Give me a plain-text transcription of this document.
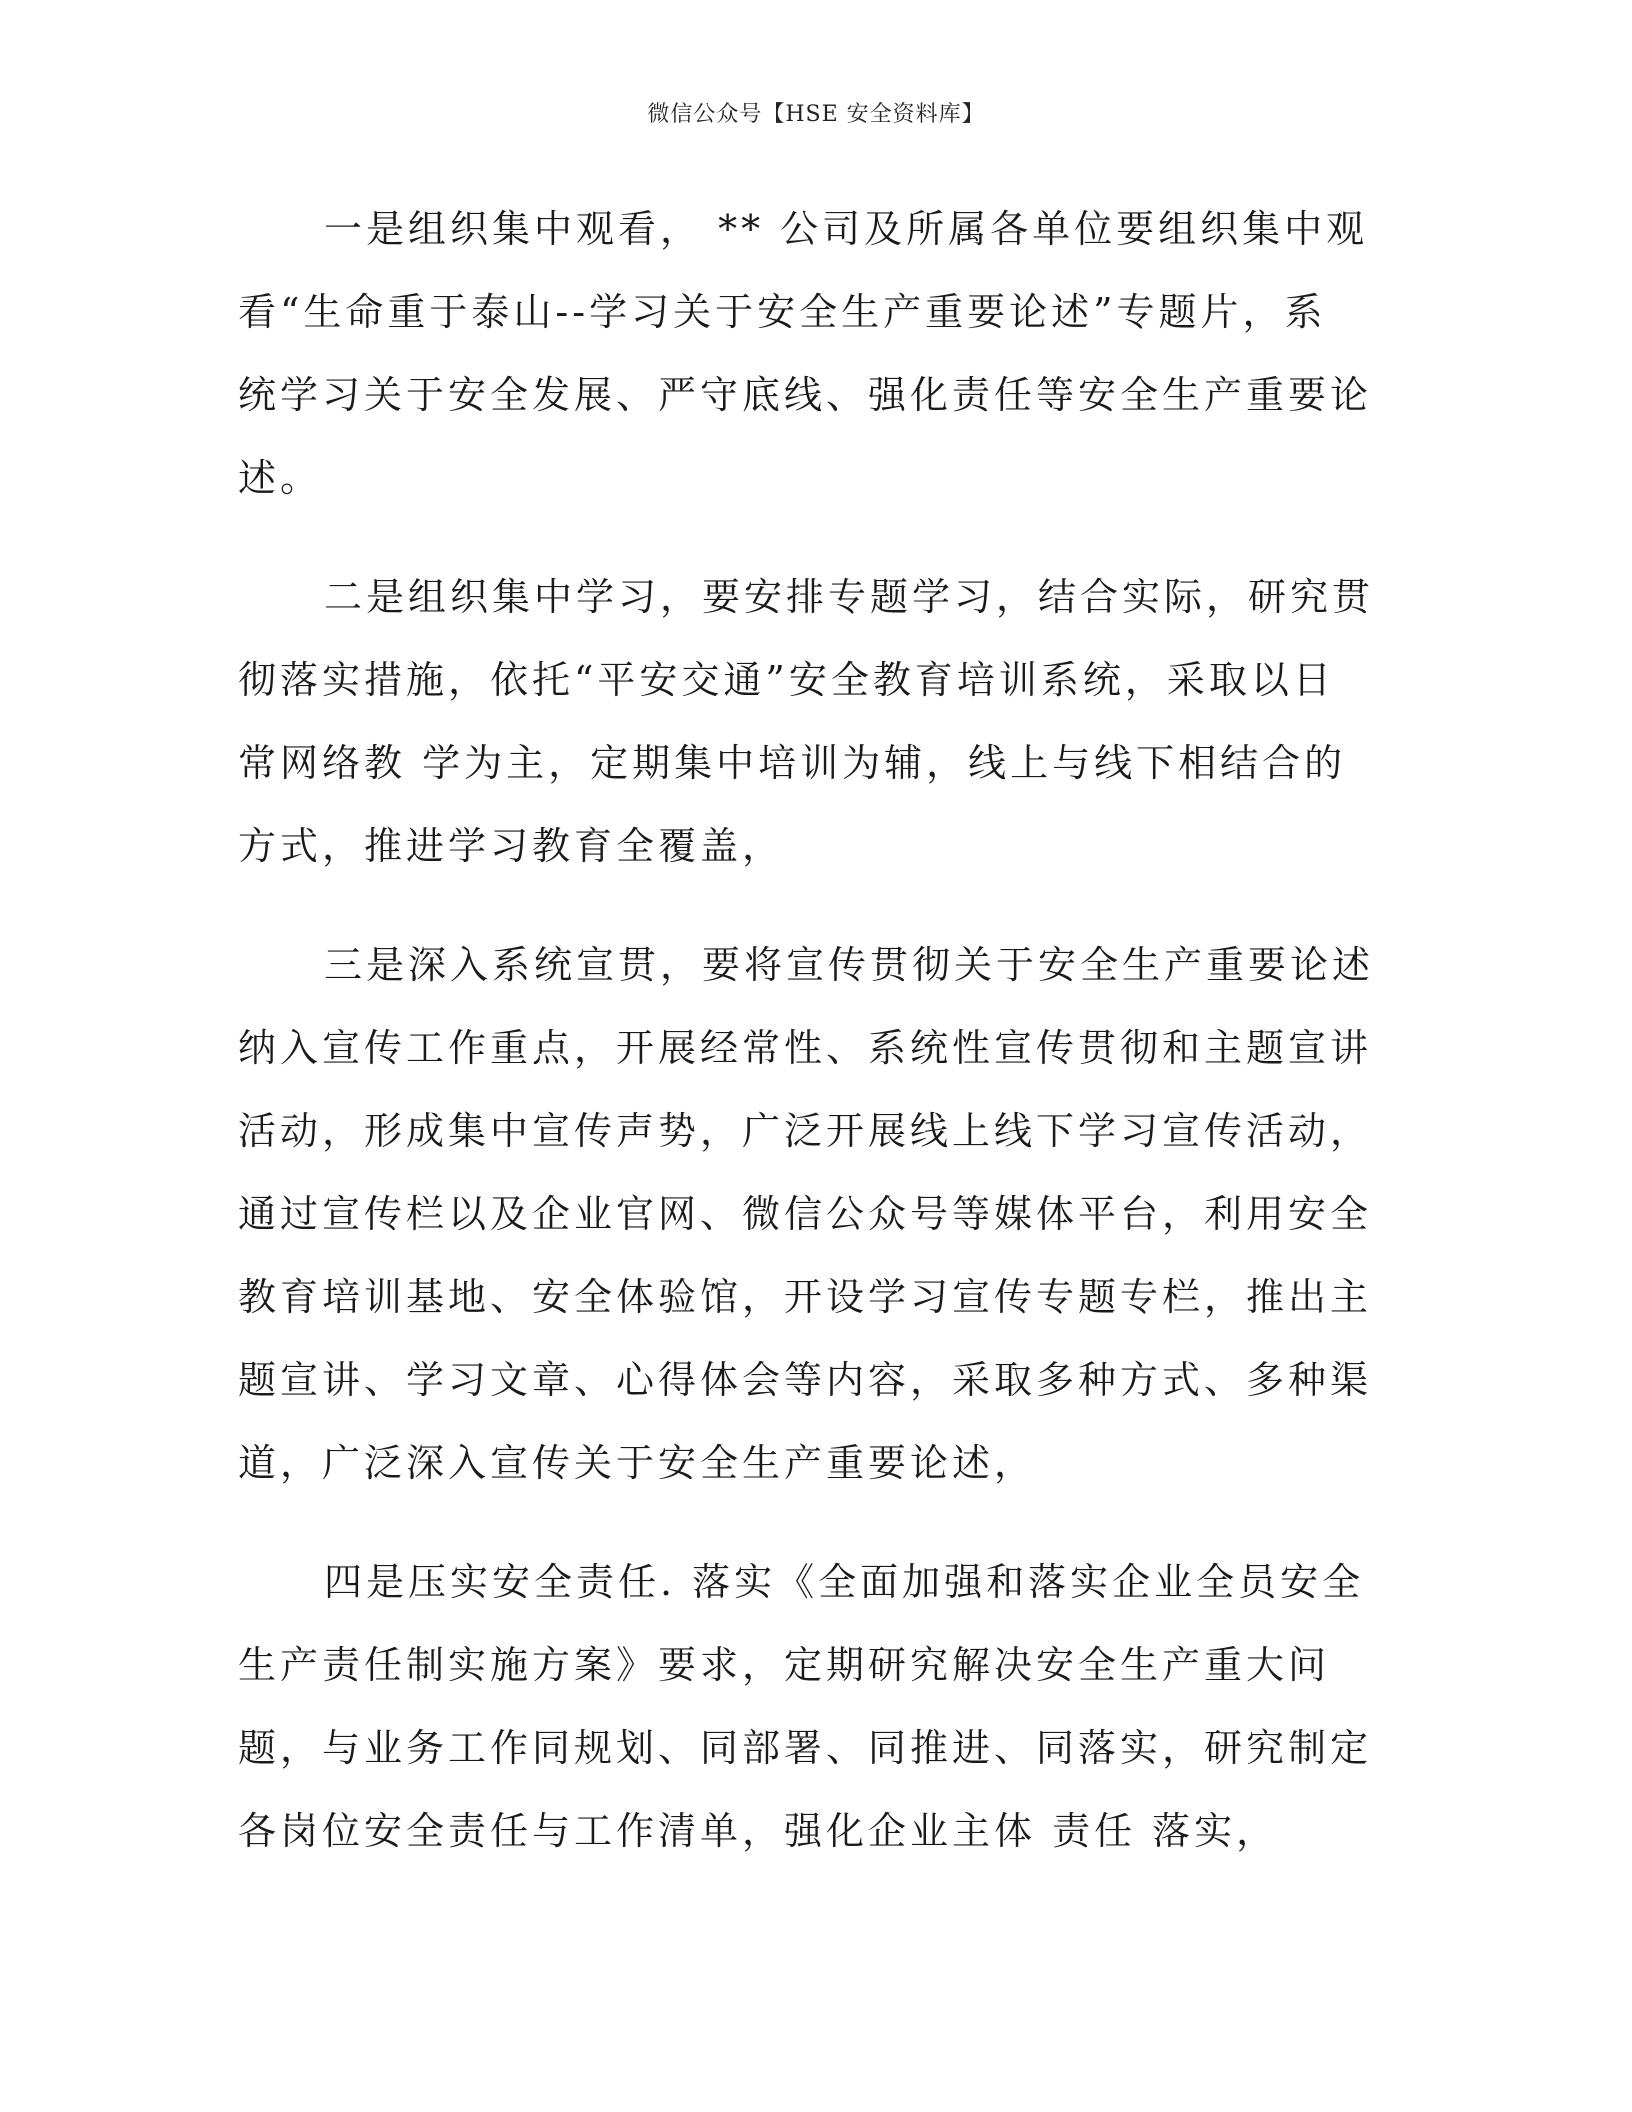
微信公众号【HSE 安全资料库】

一是组织集中观看， ** 公司及所属各单位要组织集中观
看“生命重于泰山--学习关于安全生产重要论述”专题片，系
统学习关于安全发展、严守底线、强化责任等安全生产重要论
述。

二是组织集中学习，要安排专题学习，结合实际，研究贯
彻落实措施，依托“平安交通”安全教育培训系统，采取以日
常网络教 学为主，定期集中培训为辅，线上与线下相结合的
方式，推进学习教育全覆盖，

三是深入系统宣贯，要将宣传贯彻关于安全生产重要论述
纳入宣传工作重点，开展经常性、系统性宣传贯彻和主题宣讲
活动，形成集中宣传声势，广泛开展线上线下学习宣传活动，
通过宣传栏以及企业官网、微信公众号等媒体平台，利用安全
教育培训基地、安全体验馆，开设学习宣传专题专栏，推出主
题宣讲、学习文章、心得体会等内容，采取多种方式、多种渠
道，广泛深入宣传关于安全生产重要论述，

四是压实安全责任. 落实《全面加强和落实企业全员安全
生产责任制实施方案》要求，定期研究解决安全生产重大问
题，与业务工作同规划、同部署、同推进、同落实，研究制定
各岗位安全责任与工作清单，强化企业主体 责任 落实，
